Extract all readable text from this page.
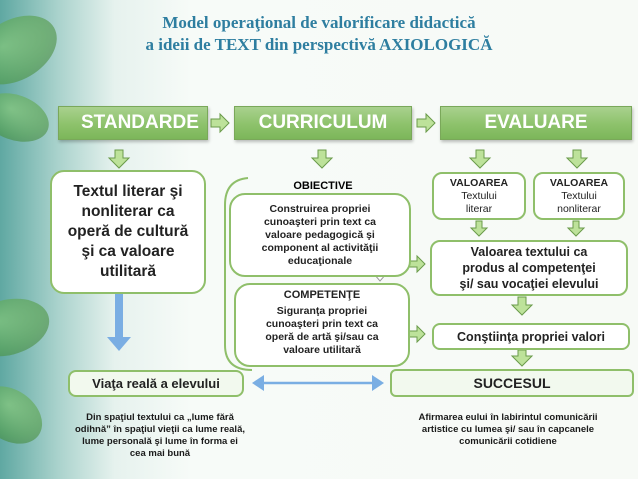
Model operaţional de valorificare didactică
a ideii de TEXT din perspectivă AXIOLOGICĂ
STANDARDE	CURRICULUM	EVALUARE
Textul literar şi
nonliterar ca
operă de cultură
şi ca valoare
utilitară
OBIECTIVE
Construirea propriei
cunoaşteri prin text ca
valoare pedagogică şi
component al activităţii
educaţionale
COMPETENŢE
Siguranţa propriei
cunoaşteri prin text ca
operă de artă şi/sau ca
valoare utilitară
VALOAREA
Textului
literar
VALOAREA
Textului
nonliterar
Valoarea textului ca
produs al competenţei
şi/ sau vocaţiei elevului
Conştiinţa propriei valori
Viaţa reală a elevului	SUCCESUL
Din spaţiul textului ca „lume fără
odihnă” în spaţiul vieţii ca lume reală,
lume personală şi lume în forma ei
cea mai bună
Afirmarea eului în labirintul comunicării
artistice cu lumea şi/ sau în capcanele
comunicării cotidiene
